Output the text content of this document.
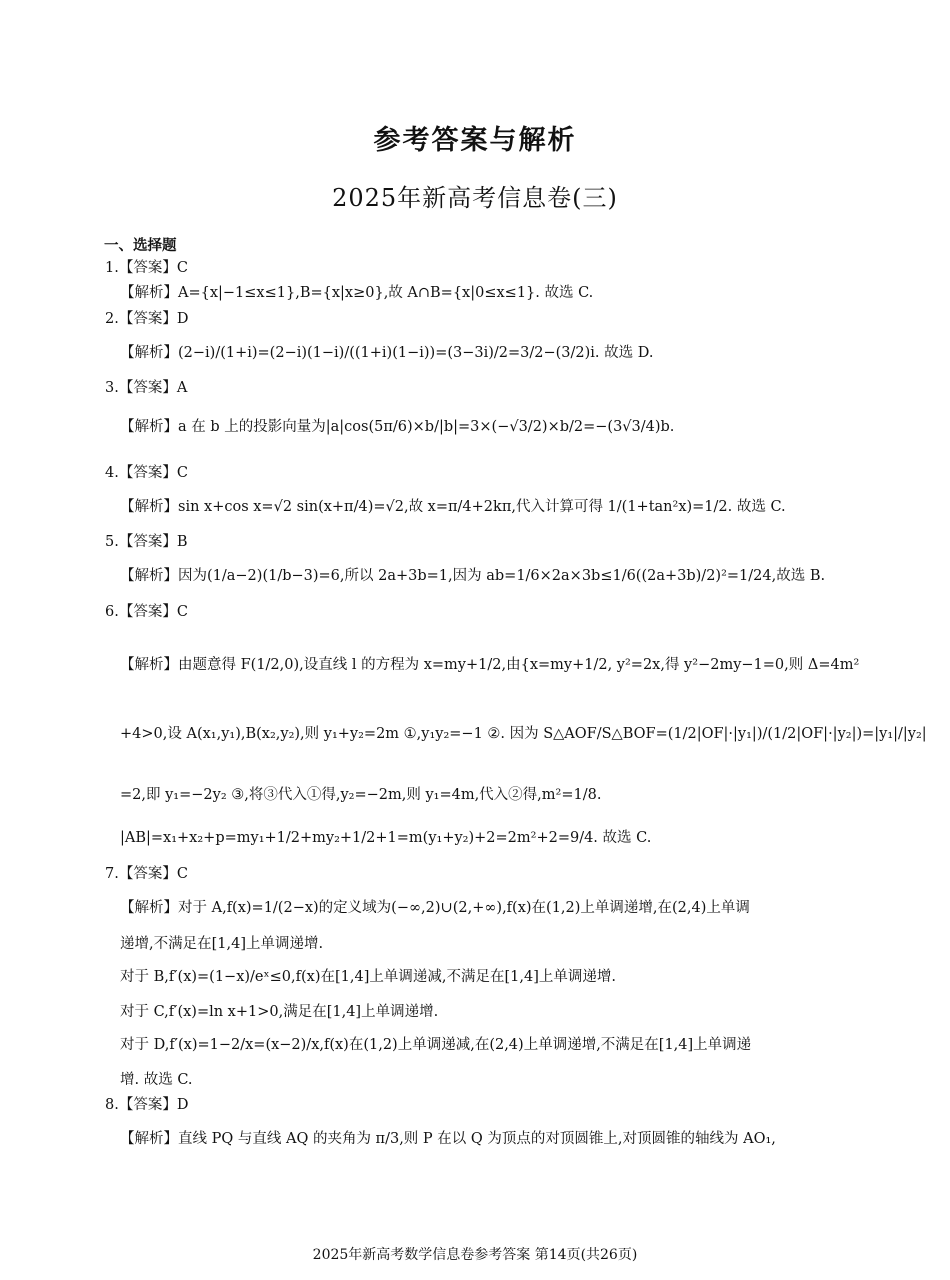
参考答案与解析
2025年新高考信息卷(三)
一、选择题
1.【答案】C
【解析】A={x|−1≤x≤1},B={x|x≥0},故 A∩B={x|0≤x≤1}. 故选 C.
2.【答案】D
【解析】(2−i)/(1+i)=(2−i)(1−i)/((1+i)(1−i))=(3−3i)/2=3/2−(3/2)i. 故选 D.
3.【答案】A
【解析】a 在 b 上的投影向量为|a|cos(5π/6)×b/|b|=3×(−√3/2)×b/2=−(3√3/4)b.
4.【答案】C
【解析】sin x+cos x=√2 sin(x+π/4)=√2,故 x=π/4+2kπ,代入计算可得 1/(1+tan²x)=1/2. 故选 C.
5.【答案】B
【解析】因为(1/a−2)(1/b−3)=6,所以 2a+3b=1,因为 ab=1/6×2a×3b≤1/6((2a+3b)/2)²=1/24,故选 B.
6.【答案】C
【解析】由题意得 F(1/2,0),设直线 l 的方程为 x=my+1/2,由{x=my+1/2, y²=2x,得 y²−2my−1=0,则 Δ=4m²
+4>0,设 A(x₁,y₁),B(x₂,y₂),则 y₁+y₂=2m ①,y₁y₂=−1 ②. 因为 S△AOF/S△BOF=(1/2|OF|·|y₁|)/(1/2|OF|·|y₂|)=|y₁|/|y₂|
=2,即 y₁=−2y₂ ③,将③代入①得,y₂=−2m,则 y₁=4m,代入②得,m²=1/8.
|AB|=x₁+x₂+p=my₁+1/2+my₂+1/2+1=m(y₁+y₂)+2=2m²+2=9/4. 故选 C.
7.【答案】C
【解析】对于 A,f(x)=1/(2−x)的定义域为(−∞,2)∪(2,+∞),f(x)在(1,2)上单调递增,在(2,4)上单调
递增,不满足在[1,4]上单调递增.
对于 B,f′(x)=(1−x)/eˣ≤0,f(x)在[1,4]上单调递减,不满足在[1,4]上单调递增.
对于 C,f′(x)=ln x+1>0,满足在[1,4]上单调递增.
对于 D,f′(x)=1−2/x=(x−2)/x,f(x)在(1,2)上单调递减,在(2,4)上单调递增,不满足在[1,4]上单调递
增. 故选 C.
8.【答案】D
【解析】直线 PQ 与直线 AQ 的夹角为 π/3,则 P 在以 Q 为顶点的对顶圆锥上,对顶圆锥的轴线为 AO₁,
2025年新高考数学信息卷参考答案 第14页(共26页)
